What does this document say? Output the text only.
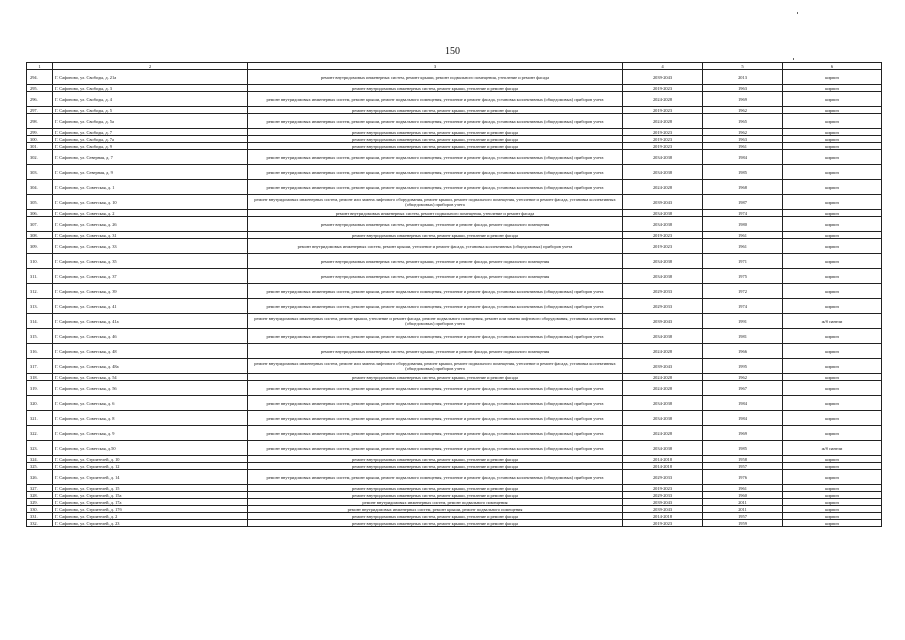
150
1	2	3	4	5	6
294.	Г. Сафоново, ул. Свободы, д. 21а	ремонт внутридомовых инженерных систем, ремонт крыши, ремонт подвального помещения, утепление и ремонт фасада	2039-2043	2013	кирпич
295.	Г. Сафоново, ул. Свободы, д. 3	ремонт внутридомовых инженерных систем, ремонт крыши, утепление и ремонт фасада	2019-2023	1963	кирпич
296.	Г. Сафоново, ул. Свободы, д. 4	ремонт внутридомовых инженерных систем, ремонт крыши, ремонт подвального помещения, утепление и ремонт фасада, установка коллективных (общедомовых) приборов учета	2024-2028	1969	кирпич
297.	Г. Сафоново, ул. Свободы, д. 5	ремонт внутридомовых инженерных систем, ремонт крыши, утепление и ремонт фасада	2019-2023	1962	кирпич
298.	Г. Сафоново, ул. Свободы, д. 5а	ремонт внутридомовых инженерных систем, ремонт крыши, ремонт подвального помещения, утепление и ремонт фасада, установка коллективных (общедомовых) приборов учета	2024-2028	1965	кирпич
299.	Г. Сафоново, ул. Свободы, д. 7	ремонт внутридомовых инженерных систем, ремонт крыши, утепление и ремонт фасада	2019-2023	1962	кирпич
300.	Г. Сафоново, ул. Свободы, д. 7а	ремонт внутридомовых инженерных систем, ремонт крыши, утепление и ремонт фасада	2019-2023	1963	кирпич
301.	Г. Сафоново, ул. Свободы, д. 9	ремонт внутридомовых инженерных систем, ремонт крыши, утепление и ремонт фасада	2019-2023	1961	кирпич
302.	Г. Сафоново, ул. Северная, д. 7	ремонт внутридомовых инженерных систем, ремонт крыши, ремонт подвального помещения, утепление и ремонт фасада, установка коллективных (общедомовых) приборов учета	2034-2038	1984	кирпич
303.	Г. Сафоново, ул. Северная, д. 9	ремонт внутридомовых инженерных систем, ремонт крыши, ремонт подвального помещения, утепление и ремонт фасада, установка коллективных (общедомовых) приборов учета	2034-2038	1985	кирпич
304.	Г. Сафоново, ул. Советская, д. 1	ремонт внутридомовых инженерных систем, ремонт крыши, ремонт подвального помещения, утепление и ремонт фасада, установка коллективных (общедомовых) приборов учета	2024-2028	1968	кирпич
305.	Г. Сафоново, ул. Советская, д. 10	ремонт внутридомовых инженерных систем, ремонт или замена лифтового оборудования, ремонт крыши, ремонт подвального помещения, утепление и ремонт фасада, установка коллективных (общедомовых) приборов учета	2039-2043	1987	кирпич
306.	Г. Сафоново, ул. Советская, д. 2	ремонт внутридомовых инженерных систем, ремонт подвального помещения, утепление и ремонт фасада	2034-2038	1974	кирпич
307.	Г. Сафоново, ул. Советская, д. 26	ремонт внутридомовых инженерных систем, ремонт крыши, утепление и ремонт фасада, ремонт подвального помещения	2034-2038	1980	кирпич
308.	Г. Сафоново, ул. Советская, д. 31	ремонт внутридомовых инженерных систем, ремонт крыши, утепление и ремонт фасада	2019-2023	1961	кирпич
309.	Г. Сафоново, ул. Советская, д. 33	ремонт внутридомовых инженерных систем, ремонт крыши, утепление и ремонт фасада, установка коллективных (общедомовых) приборов учета	2019-2023	1961	кирпич
310.	Г. Сафоново, ул. Советская, д. 35	ремонт внутридомовых инженерных систем, ремонт крыши, утепление и ремонт фасада, ремонт подвального помещения	2034-2038	1971	кирпич
311.	Г. Сафоново, ул. Советская, д. 37	ремонт внутридомовых инженерных систем, ремонт крыши, утепление и ремонт фасада, ремонт подвального помещения	2034-2038	1975	кирпич
312.	Г. Сафоново, ул. Советская, д. 39	ремонт внутридомовых инженерных систем, ремонт крыши, ремонт подвального помещения, утепление и ремонт фасада, установка коллективных (общедомовых) приборов учета	2029-2033	1972	кирпич
313.	Г. Сафоново, ул. Советская, д. 41	ремонт внутридомовых инженерных систем, ремонт крыши, ремонт подвального помещения, утепление и ремонт фасада, установка коллективных (общедомовых) приборов учета	2029-2033	1974	кирпич
314.	Г. Сафоново, ул. Советская, д. 41а	ремонт внутридомовых инженерных систем, ремонт крыши, утепление и ремонт фасада, ремонт подвального помещения, ремонт или замена лифтового оборудования, установка коллективных (общедомовых) приборов учета	2039-2043	1991	ж/б панели
315.	Г. Сафоново, ул. Советская, д. 46	ремонт внутридомовых инженерных систем, ремонт крыши, ремонт подвального помещения, утепление и ремонт фасада, установка коллективных (общедомовых) приборов учета	2034-2038	1981	кирпич
316.	Г. Сафоново, ул. Советская, д. 48	ремонт внутридомовых инженерных систем, ремонт крыши, утепление и ремонт фасада, ремонт подвального помещения	2024-2028	1966	кирпич
317.	Г. Сафоново, ул. Советская, д. 48а	ремонт внутридомовых инженерных систем, ремонт или замена лифтового оборудования, ремонт крыши, ремонт подвального помещения, утепление и ремонт фасада, установка коллективных (общедомовых) приборов учета	2039-2043	1995	кирпич
318.	Г. Сафоново, ул. Советская, д. 54	ремонт внутридомовых инженерных систем, ремонт крыши, утепление и ремонт фасада	2024-2028	1962	кирпич
319.	Г. Сафоново, ул. Советская, д. 56	ремонт внутридомовых инженерных систем, ремонт крыши, ремонт подвального помещения, утепление и ремонт фасада, установка коллективных (общедомовых) приборов учета	2024-2028	1967	кирпич
320.	Г. Сафоново, ул. Советская, д. 6	ремонт внутридомовых инженерных систем, ремонт крыши, ремонт подвального помещения, утепление и ремонт фасада, установка коллективных (общедомовых) приборов учета	2034-2038	1984	кирпич
321.	Г. Сафоново, ул. Советская, д. 8	ремонт внутридомовых инженерных систем, ремонт крыши, ремонт подвального помещения, утепление и ремонт фасада, установка коллективных (общедомовых) приборов учета	2034-2038	1984	кирпич
322.	Г. Сафоново, ул. Советская, д. 9	ремонт внутридомовых инженерных систем, ремонт крыши, ремонт подвального помещения, утепление и ремонт фасада, установка коллективных (общедомовых) приборов учета	2024-2028	1969	кирпич
323.	Г. Сафоново, ул. Советская, д.50	ремонт внутридомовых инженерных систем, ремонт крыши, ремонт подвального помещения, утепление и ремонт фасада, установка коллективных (общедомовых) приборов учета	2034-2038	1985	ж/б панели
324.	Г. Сафоново, ул. Строителей, д. 10	ремонт внутридомовых инженерных систем, ремонт крыши, утепление и ремонт фасада	2014-2018	1958	кирпич
325.	Г. Сафоново, ул. Строителей, д. 12	ремонт внутридомовых инженерных систем, ремонт крыши, утепление и ремонт фасада	2014-2018	1957	кирпич
326.	Г. Сафоново, ул. Строителей, д. 14	ремонт внутридомовых инженерных систем, ремонт крыши, ремонт подвального помещения, утепление и ремонт фасада, установка коллективных (общедомовых) приборов учета	2029-2033	1976	кирпич
327.	Г. Сафоново, ул. Строителей, д. 15	ремонт внутридомовых инженерных систем, ремонт крыши, утепление и ремонт фасада	2019-2023	1961	кирпич
328.	Г. Сафоново, ул. Строителей, д. 15а	ремонт внутридомовых инженерных систем, ремонт крыши, утепление и ремонт фасада	2029-2033	1960	кирпич
329.	Г. Сафоново, ул. Строителей, д. 17а	ремонт внутридомовых инженерных систем, ремонт подвального помещения	2039-2043	2011	кирпич
330.	Г. Сафоново, ул. Строителей, д. 17б	ремонт внутридомовых инженерных систем, ремонт крыши, ремонт подвального помещения	2039-2043	2011	кирпич
331.	Г. Сафоново, ул. Строителей, д. 2	ремонт внутридомовых инженерных систем, ремонт крыши, утепление и ремонт фасада	2014-2018	1957	кирпич
332.	Г. Сафоново, ул. Строителей, д. 23	ремонт внутридомовых инженерных систем, ремонт крыши, утепление и ремонт фасада	2019-2023	1959	кирпич
